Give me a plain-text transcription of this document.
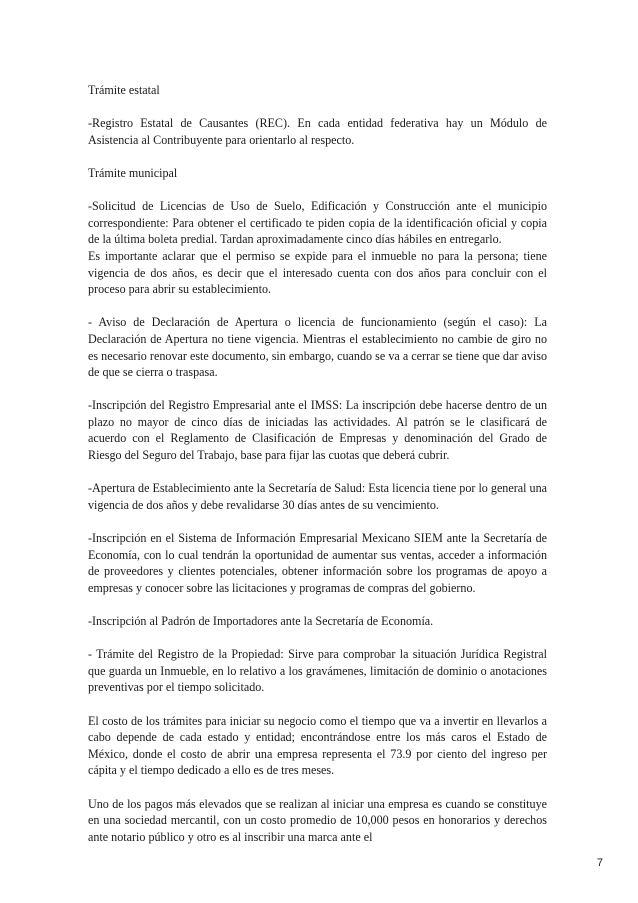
Trámite estatal

-Registro Estatal de Causantes (REC). En cada entidad federativa hay un Módulo de Asistencia al Contribuyente para orientarlo al respecto.

Trámite municipal

-Solicitud de Licencias de Uso de Suelo, Edificación y Construcción ante el municipio correspondiente: Para obtener el certificado te piden copia de la identificación oficial y copia de la última boleta predial. Tardan aproximadamente cinco días hábiles en entregarlo.

Es importante aclarar que el permiso se expide para el inmueble no para la persona; tiene vigencia de dos años, es decir que el interesado cuenta con dos años para concluir con el proceso para abrir su establecimiento.

- Aviso de Declaración de Apertura o licencia de funcionamiento (según el caso): La Declaración de Apertura no tiene vigencia. Mientras el establecimiento no cambie de giro no es necesario renovar este documento, sin embargo, cuando se va a cerrar se tiene que dar aviso de que se cierra o traspasa.

-Inscripción del Registro Empresarial ante el IMSS: La inscripción debe hacerse dentro de un plazo no mayor de cinco días de iniciadas las actividades. Al patrón se le clasificará de acuerdo con el Reglamento de Clasificación de Empresas y denominación del Grado de Riesgo del Seguro del Trabajo, base para fijar las cuotas que deberá cubrir.

-Apertura de Establecimiento ante la Secretaría de Salud: Esta licencia tiene por lo general una vigencia de dos años y debe revalidarse 30 días antes de su vencimiento.

-Inscripción en el Sistema de Información Empresarial Mexicano SIEM ante la Secretaría de Economía, con lo cual tendrán la oportunidad de aumentar sus ventas, acceder a información de proveedores y clientes potenciales, obtener información sobre los programas de apoyo a empresas y conocer sobre las licitaciones y programas de compras del gobierno.

-Inscripción al Padrón de Importadores ante la Secretaría de Economía.

- Trámite del Registro de la Propiedad: Sirve para comprobar la situación Jurídica Registral que guarda un Inmueble, en lo relativo a los gravámenes, limitación de dominio o anotaciones preventivas por el tiempo solicitado.

El costo de los trámites para iniciar su negocio como el tiempo que va a invertir en llevarlos a cabo depende de cada estado y entidad; encontrándose entre los más caros el Estado de México, donde el costo de abrir una empresa representa el 73.9 por ciento del ingreso per cápita y el tiempo dedicado a ello es de tres meses.

Uno de los pagos más elevados que se realizan al iniciar una empresa es cuando se constituye en una sociedad mercantil, con un costo promedio de 10,000 pesos en honorarios y derechos ante notario público y otro es al inscribir una marca ante el

7
